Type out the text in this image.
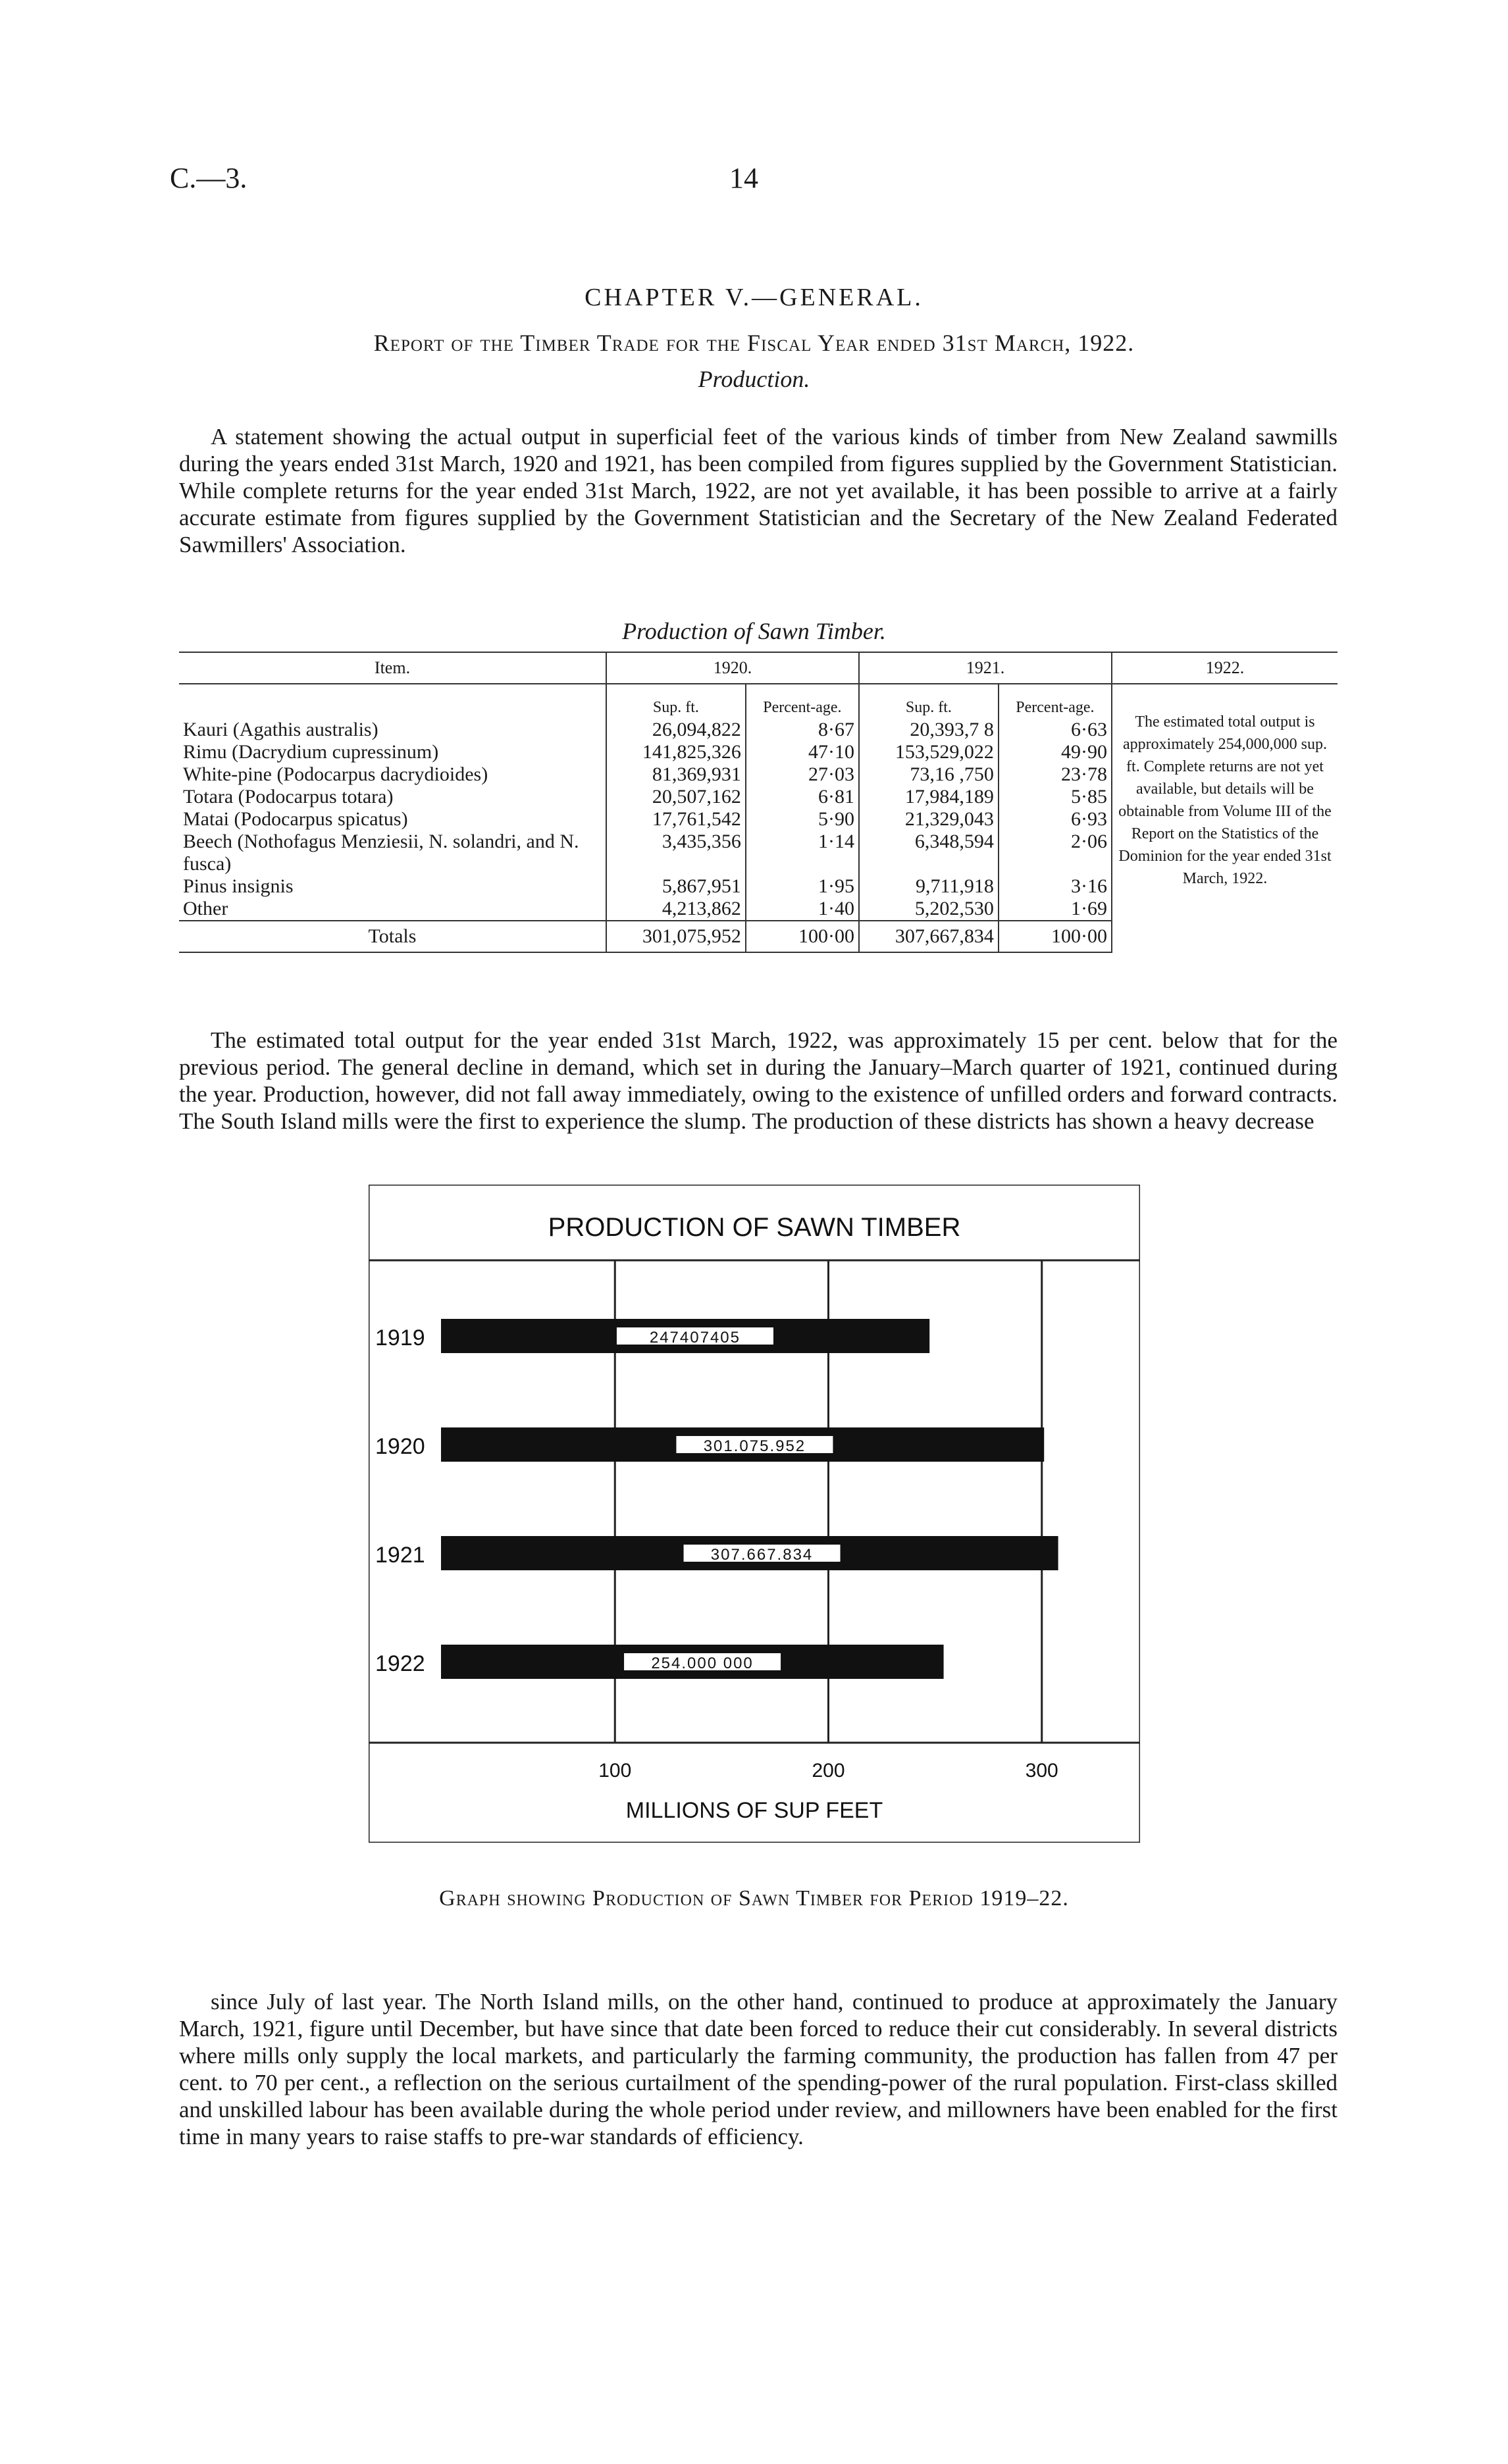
C.—3.	14
CHAPTER V.—GENERAL.
Report of the Timber Trade for the Fiscal Year ended 31st March, 1922.
Production.

A statement showing the actual output in superficial feet of the various kinds of timber from New Zealand sawmills during the years ended 31st March, 1920 and 1921, has been compiled from figures supplied by the Government Statistician. While complete returns for the year ended 31st March, 1922, are not yet available, it has been possible to arrive at a fairly accurate estimate from figures supplied by the Government Statistician and the Secretary of the New Zealand Federated Sawmillers' Association.

Production of Sawn Timber.
Item.	1920.		1921.		1922.
	Sup. ft.	Percent-age.	Sup. ft.	Percent-age.	The estimated total output is approximately 254,000,000 sup. ft. Complete returns are not yet available, but details will be obtainable from Volume III of the Report on the Statistics of the Dominion for the year ended 31st March, 1922.
Kauri (Agathis australis)	26,094,822	8·67	20,393,7 8	6·63	
Rimu (Dacrydium cupressinum)	141,825,326	47·10	153,529,022	49·90	
White-pine (Podocarpus dacrydioides)	81,369,931	27·03	73,16 ,750	23·78	
Totara (Podocarpus totara)	20,507,162	6·81	17,984,189	5·85	
Matai (Podocarpus spicatus)	17,761,542	5·90	21,329,043	6·93	
Beech (Nothofagus Menziesii, N. solandri, and N. fusca)	3,435,356	1·14	6,348,594	2·06	
Pinus insignis	5,867,951	1·95	9,711,918	3·16	
Other	4,213,862	1·40	5,202,530	1·69	
Totals	301,075,952	100·00	307,667,834	100·00	

The estimated total output for the year ended 31st March, 1922, was approximately 15 per cent. below that for the previous period. The general decline in demand, which set in during the January–March quarter of 1921, continued during the year. Production, however, did not fall away immediately, owing to the existence of unfilled orders and forward contracts. The South Island mills were the first to experience the slump. The production of these districts has shown a heavy decrease

PRODUCTION OF SAWN TIMBER
MILLIONS OF SUP FEET
1919	247407405
1920	301.075.952
1921	307.667.834
1922	254.000 000
100	200	300
Graph showing Production of Sawn Timber for Period 1919–22.

since July of last year. The North Island mills, on the other hand, continued to produce at approximately the January March, 1921, figure until December, but have since that date been forced to reduce their cut considerably. In several districts where mills only supply the local markets, and particularly the farming community, the production has fallen from 47 per cent. to 70 per cent., a reflection on the serious curtailment of the spending-power of the rural population. First-class skilled and unskilled labour has been available during the whole period under review, and millowners have been enabled for the first time in many years to raise staffs to pre-war standards of efficiency.
